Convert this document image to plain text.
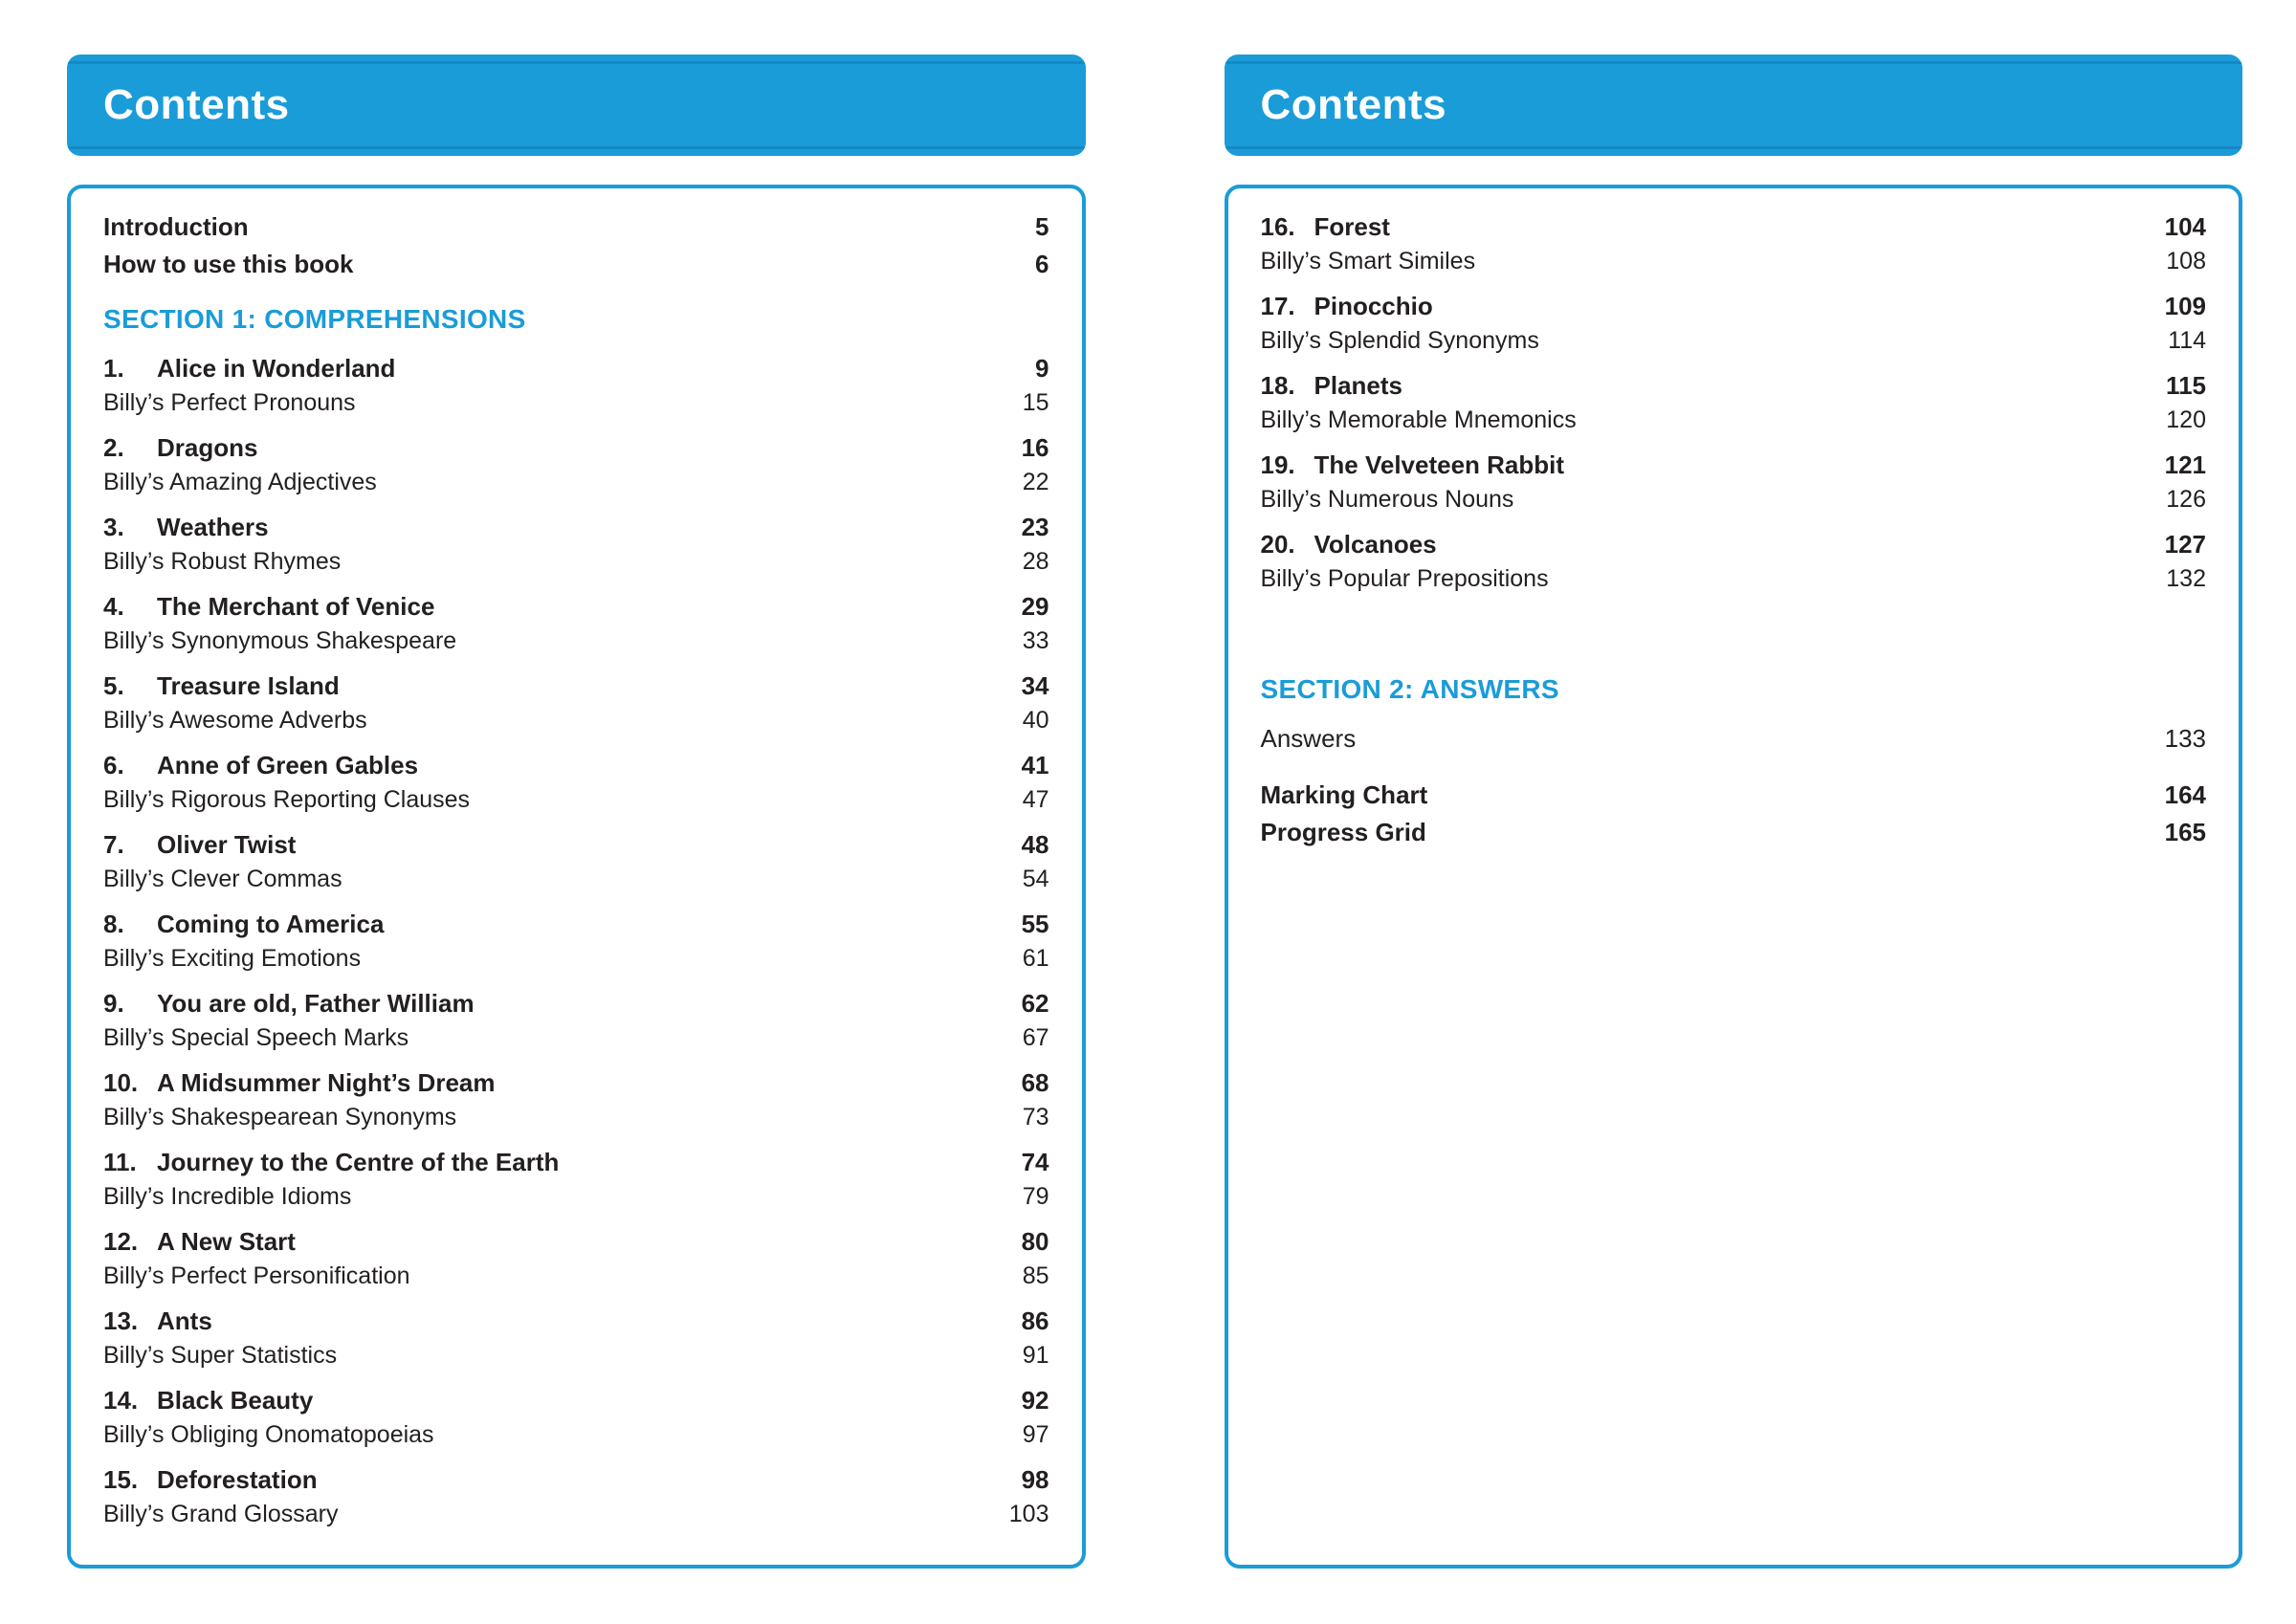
Contents
Introduction	5
How to use this book	6
SECTION 1: COMPREHENSIONS
1.	Alice in Wonderland	9
Billy’s Perfect Pronouns	15
2.	Dragons	16
Billy’s Amazing Adjectives	22
3.	Weathers	23
Billy’s Robust Rhymes	28
4.	The Merchant of Venice	29
Billy’s Synonymous Shakespeare	33
5.	Treasure Island	34
Billy’s Awesome Adverbs	40
6.	Anne of Green Gables	41
Billy’s Rigorous Reporting Clauses	47
7.	Oliver Twist	48
Billy’s Clever Commas	54
8.	Coming to America	55
Billy’s Exciting Emotions	61
9.	You are old, Father William	62
Billy’s Special Speech Marks	67
10. A Midsummer Night’s Dream	68
Billy’s Shakespearean Synonyms	73
11. Journey to the Centre of the Earth	74
Billy’s Incredible Idioms	79
12. A New Start	80
Billy’s Perfect Personification	85
13. Ants	86
Billy’s Super Statistics	91
14. Black Beauty	92
Billy’s Obliging Onomatopoeias	97
15. Deforestation	98
Billy’s Grand Glossary	103
Contents
16. Forest	104
Billy’s Smart Similes	108
17. Pinocchio	109
Billy’s Splendid Synonyms	114
18. Planets	115
Billy’s Memorable Mnemonics	120
19. The Velveteen Rabbit	121
Billy’s Numerous Nouns	126
20. Volcanoes	127
Billy’s Popular Prepositions	132
SECTION 2: ANSWERS
Answers	133
Marking Chart	164
Progress Grid	165
